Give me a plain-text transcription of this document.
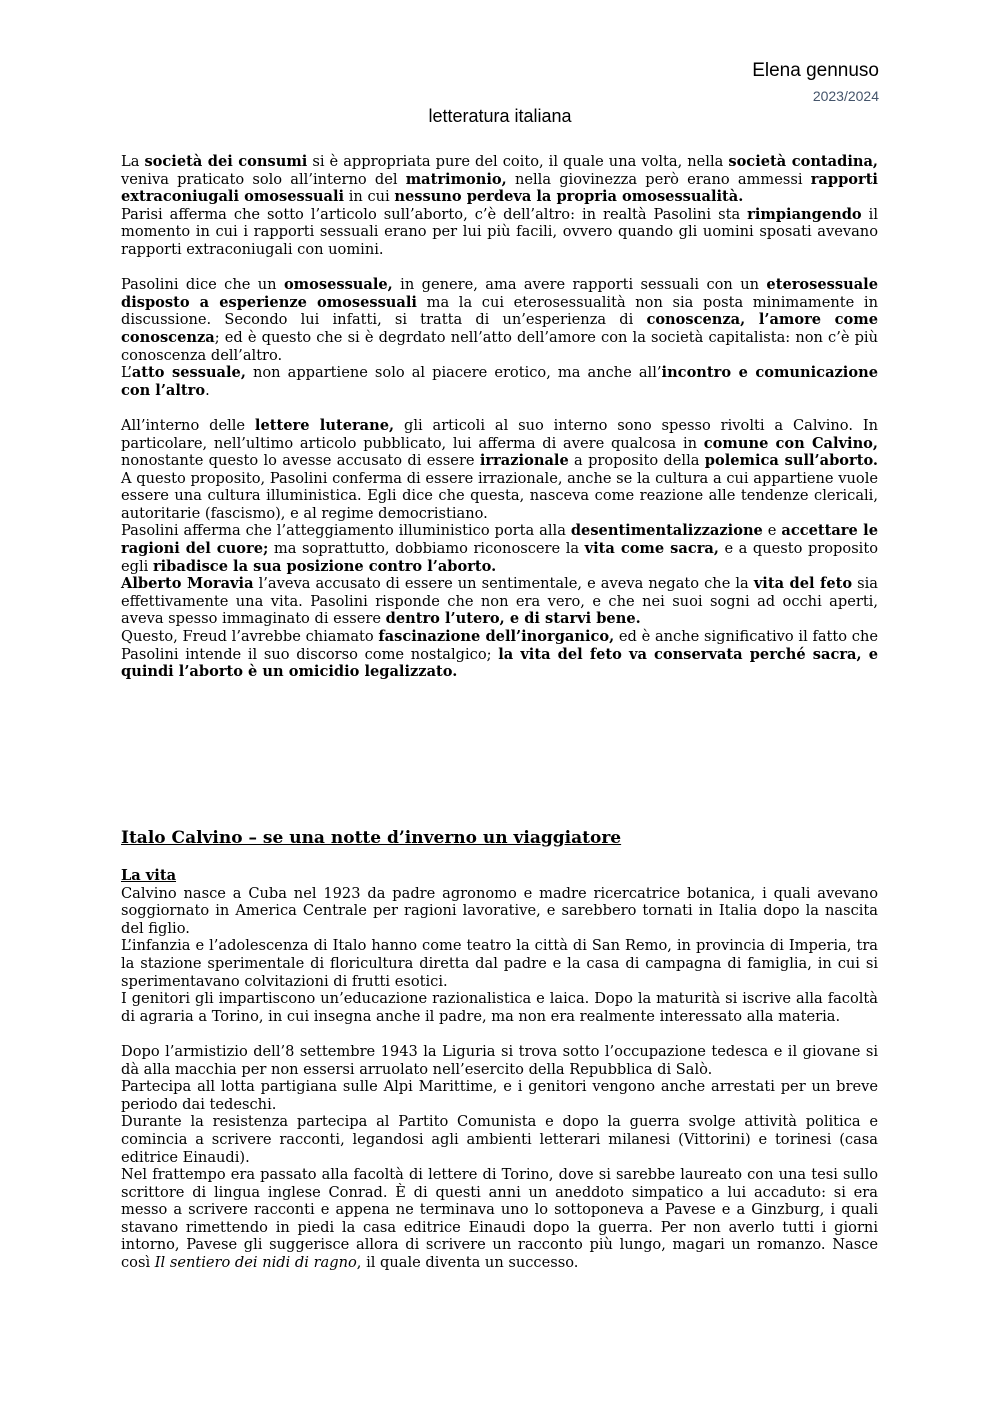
Elena gennuso
2023/2024
letteratura italiana

La società dei consumi si è appropriata pure del coito, il quale una volta, nella società contadina, veniva praticato solo all’interno del matrimonio, nella giovinezza però erano ammessi rapporti extraconiugali omosessuali in cui nessuno perdeva la propria omosessualità.

Parisi afferma che sotto l’articolo sull’aborto, c’è dell’altro: in realtà Pasolini sta rimpiangendo il momento in cui i rapporti sessuali erano per lui più facili, ovvero quando gli uomini sposati avevano rapporti extraconiugali con uomini.

Pasolini dice che un omosessuale, in genere, ama avere rapporti sessuali con un eterosessuale disposto a esperienze omosessuali ma la cui eterosessualità non sia posta minimamente in discussione. Secondo lui infatti, si tratta di un’esperienza di conoscenza, l’amore come conoscenza; ed è questo che si è degrdato nell’atto dell’amore con la società capitalista: non c’è più conoscenza dell’altro.

L’atto sessuale, non appartiene solo al piacere erotico, ma anche all’incontro e comunicazione con l’altro.

All’interno delle lettere luterane, gli articoli al suo interno sono spesso rivolti a Calvino. In particolare, nell’ultimo articolo pubblicato, lui afferma di avere qualcosa in comune con Calvino, nonostante questo lo avesse accusato di essere irrazionale a proposito della polemica sull’aborto. A questo proposito, Pasolini conferma di essere irrazionale, anche se la cultura a cui appartiene vuole essere una cultura illuministica. Egli dice che questa, nasceva come reazione alle tendenze clericali, autoritarie (fascismo), e al regime democristiano.

Pasolini afferma che l’atteggiamento illuministico porta alla desentimentalizzazione e accettare le ragioni del cuore; ma soprattutto, dobbiamo riconoscere la vita come sacra, e a questo proposito egli ribadisce la sua posizione contro l’aborto.

Alberto Moravia l’aveva accusato di essere un sentimentale, e aveva negato che la vita del feto sia effettivamente una vita. Pasolini risponde che non era vero, e che nei suoi sogni ad occhi aperti, aveva spesso immaginato di essere dentro l’utero, e di starvi bene.

Questo, Freud l’avrebbe chiamato fascinazione dell’inorganico, ed è anche significativo il fatto che Pasolini intende il suo discorso come nostalgico; la vita del feto va conservata perché sacra, e quindi l’aborto è un omicidio legalizzato.

Italo Calvino – se una notte d’inverno un viaggiatore

La vita

Calvino nasce a Cuba nel 1923 da padre agronomo e madre ricercatrice botanica, i quali avevano soggiornato in America Centrale per ragioni lavorative, e sarebbero tornati in Italia dopo la nascita del figlio.

L’infanzia e l’adolescenza di Italo hanno come teatro la città di San Remo, in provincia di Imperia, tra la stazione sperimentale di floricultura diretta dal padre e la casa di campagna di famiglia, in cui si sperimentavano colvitazioni di frutti esotici.

I genitori gli impartiscono un’educazione razionalistica e laica. Dopo la maturità si iscrive alla facoltà di agraria a Torino, in cui insegna anche il padre, ma non era realmente interessato alla materia.

Dopo l’armistizio dell’8 settembre 1943 la Liguria si trova sotto l’occupazione tedesca e il giovane si dà alla macchia per non essersi arruolato nell’esercito della Repubblica di Salò.

Partecipa all lotta partigiana sulle Alpi Marittime, e i genitori vengono anche arrestati per un breve periodo dai tedeschi.

Durante la resistenza partecipa al Partito Comunista e dopo la guerra svolge attività politica e comincia a scrivere racconti, legandosi agli ambienti letterari milanesi (Vittorini) e torinesi (casa editrice Einaudi).

Nel frattempo era passato alla facoltà di lettere di Torino, dove si sarebbe laureato con una tesi sullo scrittore di lingua inglese Conrad. È di questi anni un aneddoto simpatico a lui accaduto: si era messo a scrivere racconti e appena ne terminava uno lo sottoponeva a Pavese e a Ginzburg, i quali stavano rimettendo in piedi la casa editrice Einaudi dopo la guerra. Per non averlo tutti i giorni intorno, Pavese gli suggerisce allora di scrivere un racconto più lungo, magari un romanzo. Nasce così Il sentiero dei nidi di ragno, il quale diventa un successo.
